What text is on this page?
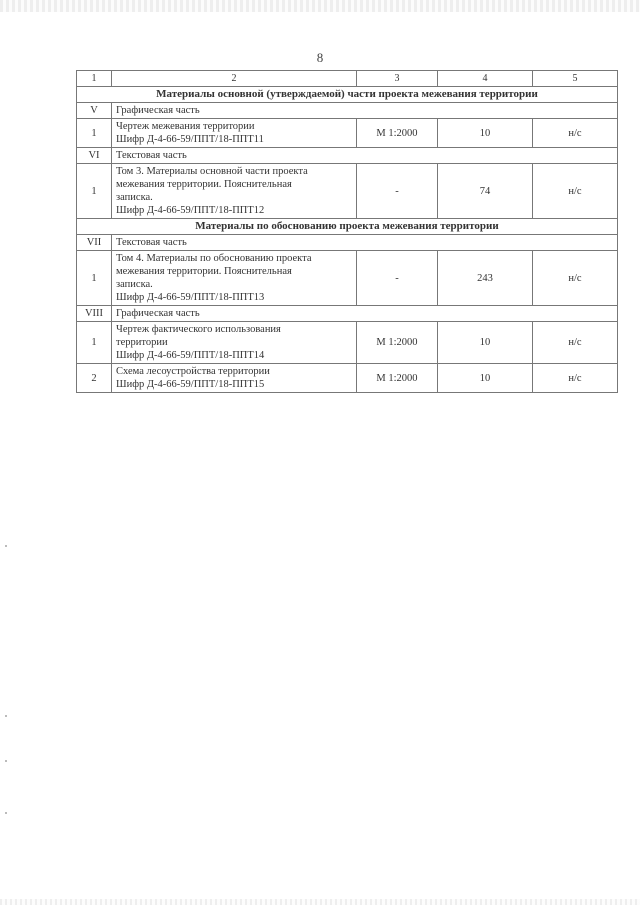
8
1	2	3	4	5
Материалы основной (утверждаемой) части проекта межевания территории				
V	Графическая часть			
1	Чертеж межевания территории
Шифр Д-4-66-59/ППТ/18-ППТ11	М 1:2000	10	н/с
VI	Текстовая часть			
1	Том 3. Материалы основной части проекта
межевания территории. Пояснительная
записка.
Шифр Д-4-66-59/ППТ/18-ППТ12	-	74	н/с
Материалы по обоснованию проекта межевания территории				
VII	Текстовая часть			
1	Том 4. Материалы по обоснованию проекта
межевания территории. Пояснительная
записка.
Шифр Д-4-66-59/ППТ/18-ППТ13	-	243	н/с
VIII	Графическая часть			
1	Чертеж фактического использования
территории
Шифр Д-4-66-59/ППТ/18-ППТ14	М 1:2000	10	н/с
2	Схема лесоустройства территории
Шифр Д-4-66-59/ППТ/18-ППТ15	М 1:2000	10	н/с
